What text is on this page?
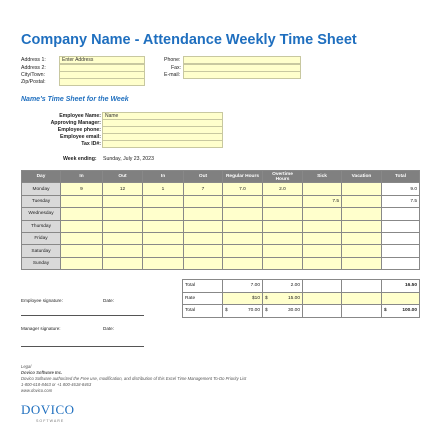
Company Name - Attendance Weekly Time Sheet
Address 1:	Enter Address
Address 2:
City/Town:
Zip/Postal:
Phone:
Fax:
E-mail:
Name's Time Sheet for the Week
Employee Name: Name
Approving Manager:
Employee phone:
Employee email:
Tax ID#:
Week ending: Sunday, July 23, 2023
Day	In	Out	In	Out	Regular Hours	Overtime Hours	Sick	Vacation	Total
Monday	9	12	1	7	7.0	2.0			9.0
Tuesday							7.5		7.5
Wednesday									
Thursday									
Friday									
Saturday									
Sunday									
Total	7.00	2.00			16.50
Rate	$10	$ 15.00			

Total	$ 70.00	$ 30.00			$ 100.00
Employee signature:	Date:
Manager signature:	Date:
Legal
Dovico Software Inc.
Dovico Software authorized the Free use, modification, and distribution of this Excel Time Management To-Do Priority List
1-800-618-8463 or +1 800-4618-8463
www.dovico.com
DOVICO
SOFTWARE
